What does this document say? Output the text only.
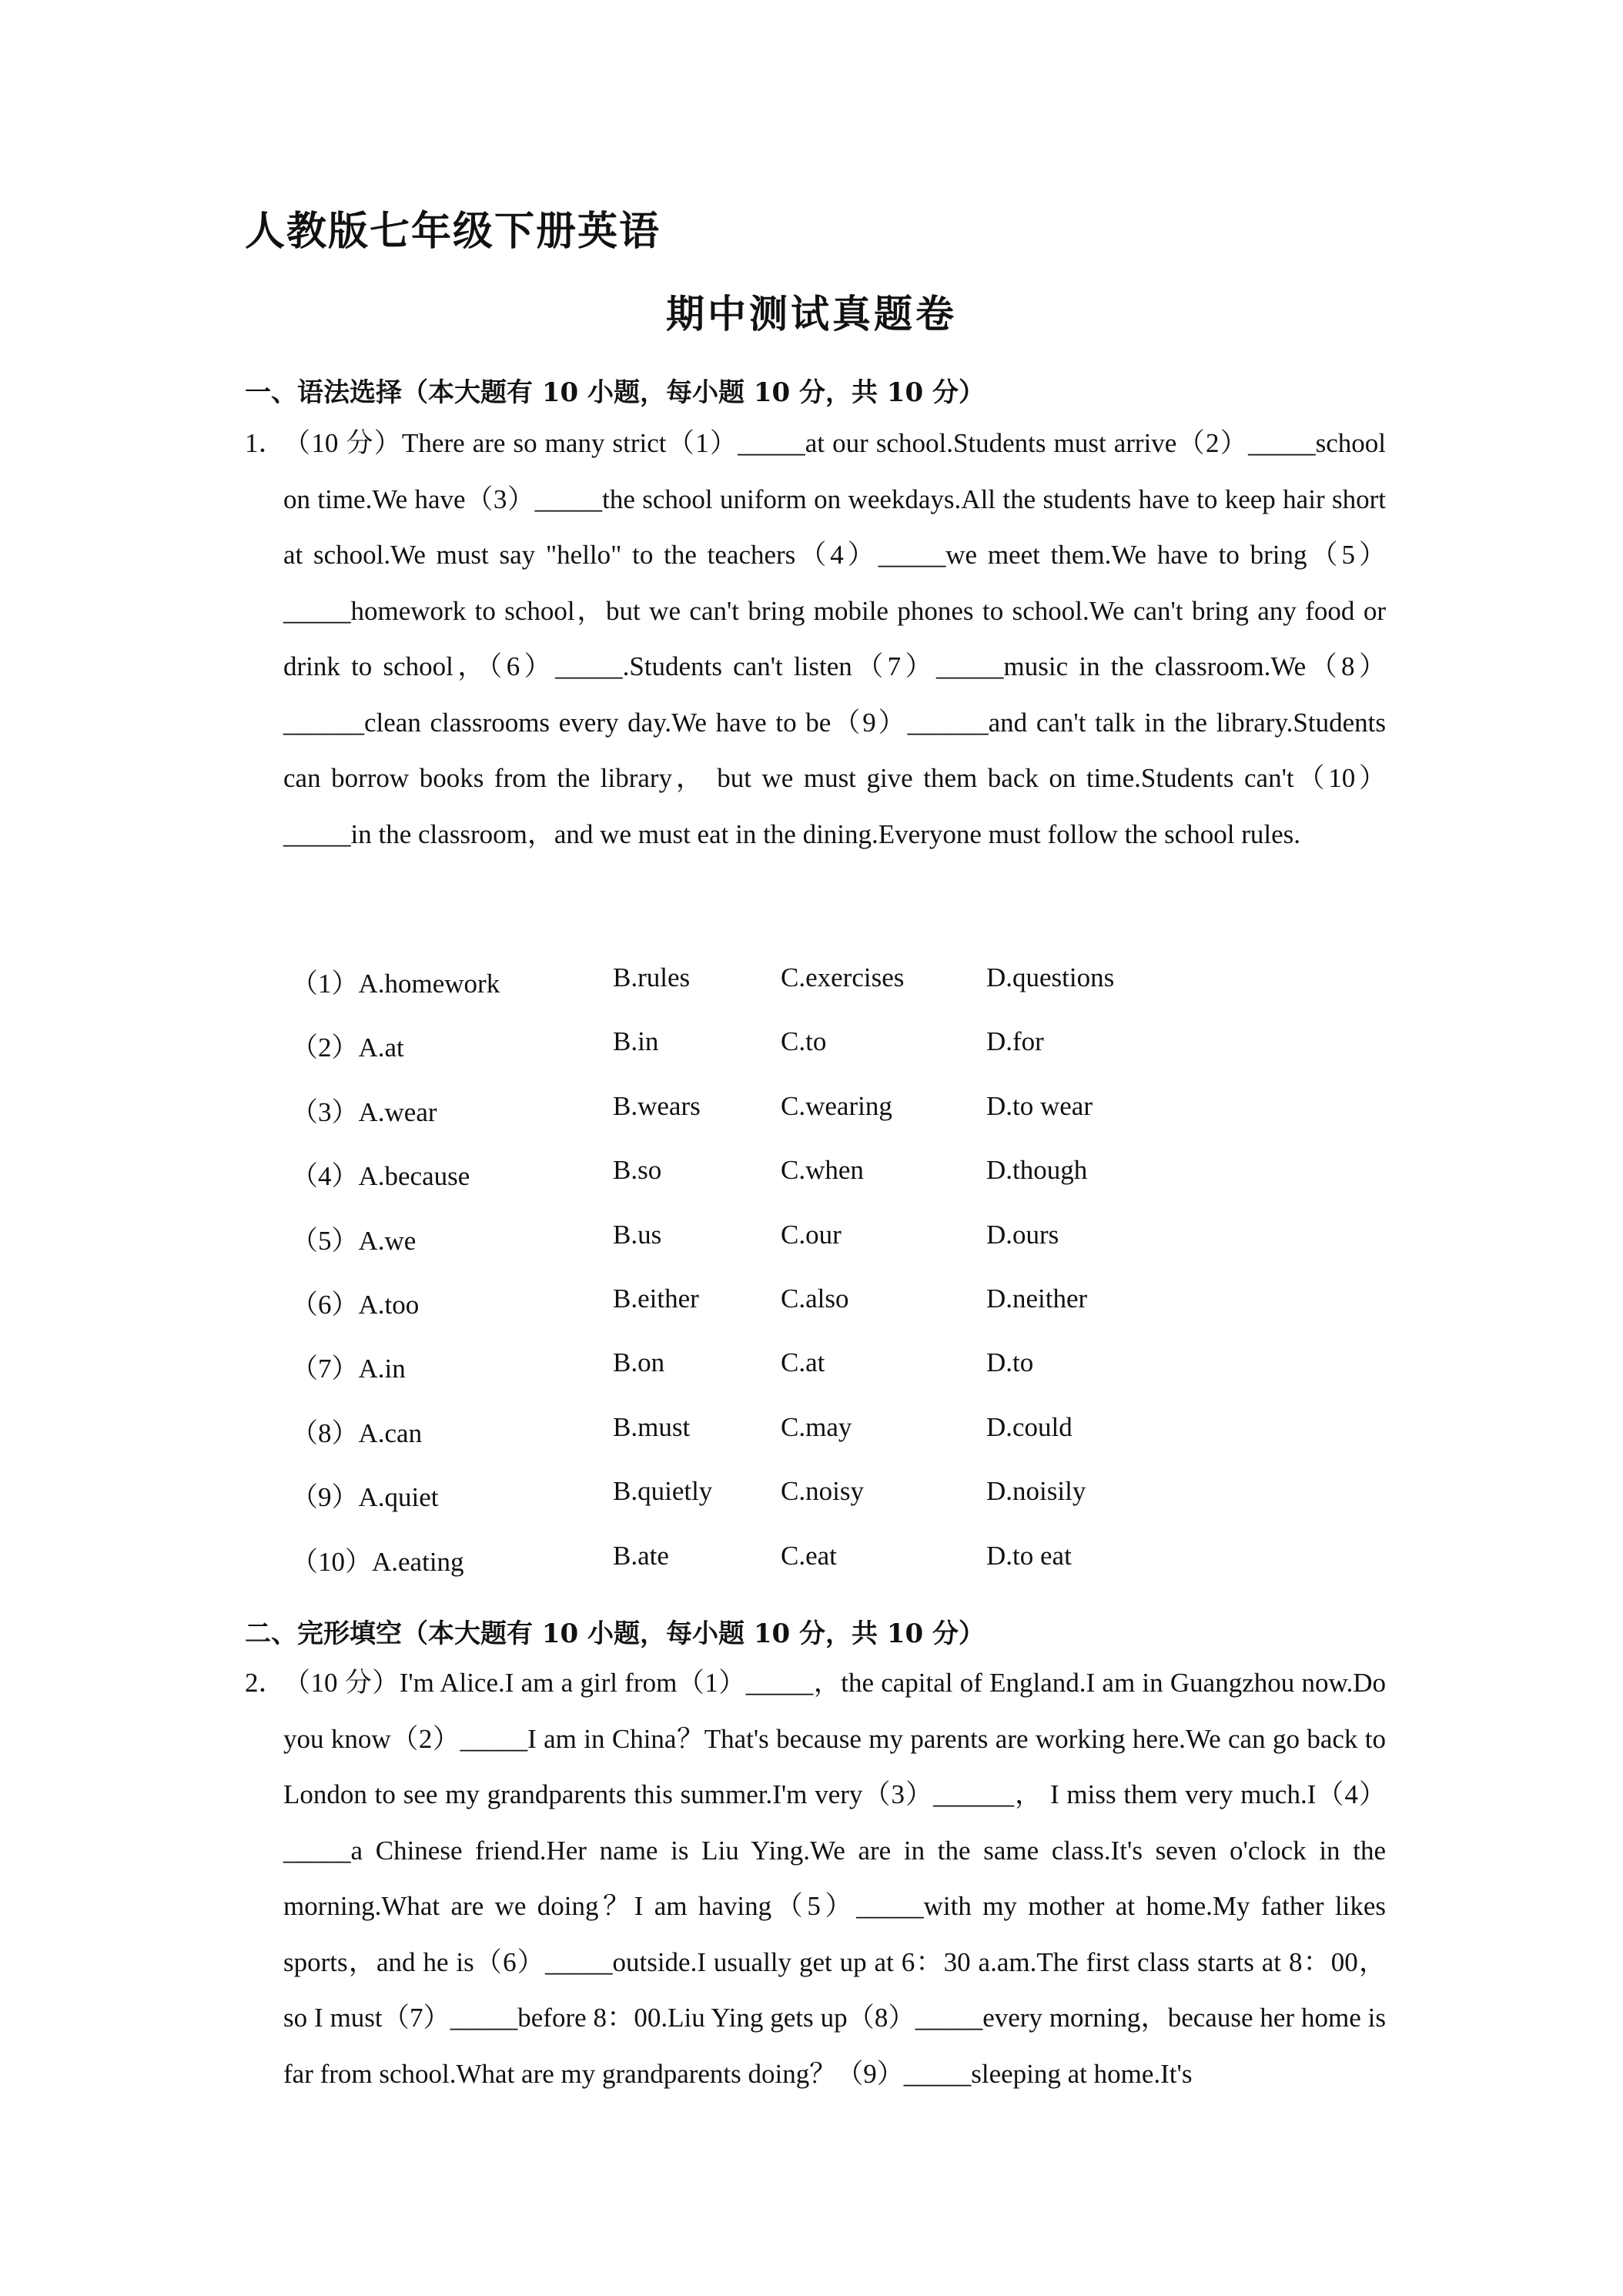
人教版七年级下册英语
期中测试真题卷
一、语法选择（本大题有 10 小题，每小题 10 分，共 10 分）
1．
（10 分）There are so many strict（1）_____at our school.Students must arrive（2）_____school on time.We have（3）_____the school uniform on weekdays.All the students have to keep hair short at school.We must say "hello" to the teachers（4）_____we meet them.We have to bring（5）_____homework to school，but we can't bring mobile phones to school.We can't bring any food or drink to school，（6）_____.Students can't listen（7）_____music in the classroom.We（8）______clean classrooms every day.We have to be（9）______and can't talk in the library.Students can borrow books from the library， but we must give them back on time.Students can't（10）_____in the classroom，and we must eat in the dining.Everyone must follow the school rules.
（1）A.homework	B.rules	C.exercises	D.questions
（2）A.at	B.in	C.to	D.for
（3）A.wear	B.wears	C.wearing	D.to wear
（4）A.because	B.so	C.when	D.though
（5）A.we	B.us	C.our	D.ours
（6）A.too	B.either	C.also	D.neither
（7）A.in	B.on	C.at	D.to
（8）A.can	B.must	C.may	D.could
（9）A.quiet	B.quietly	C.noisy	D.noisily
（10）A.eating	B.ate	C.eat	D.to eat
二、完形填空（本大题有 10 小题，每小题 10 分，共 10 分）
2．
（10 分）I'm Alice.I am a girl from（1）_____，the capital of England.I am in Guangzhou now.Do you know（2）_____I am in China？That's because my parents are working here.We can go back to London to see my grandparents this summer.I'm very（3）______， I miss them very much.I（4）_____a Chinese friend.Her name is Liu Ying.We are in the same class.It's seven o'clock in the morning.What are we doing？I am having（5）_____with my mother at home.My father likes sports，and he is（6）_____outside.I usually get up at 6：30 a.am.The first class starts at 8：00，so I must（7）_____before 8：00.Liu Ying gets up（8）_____every morning，because her home is far from school.What are my grandparents doing？（9）_____sleeping at home.It's
